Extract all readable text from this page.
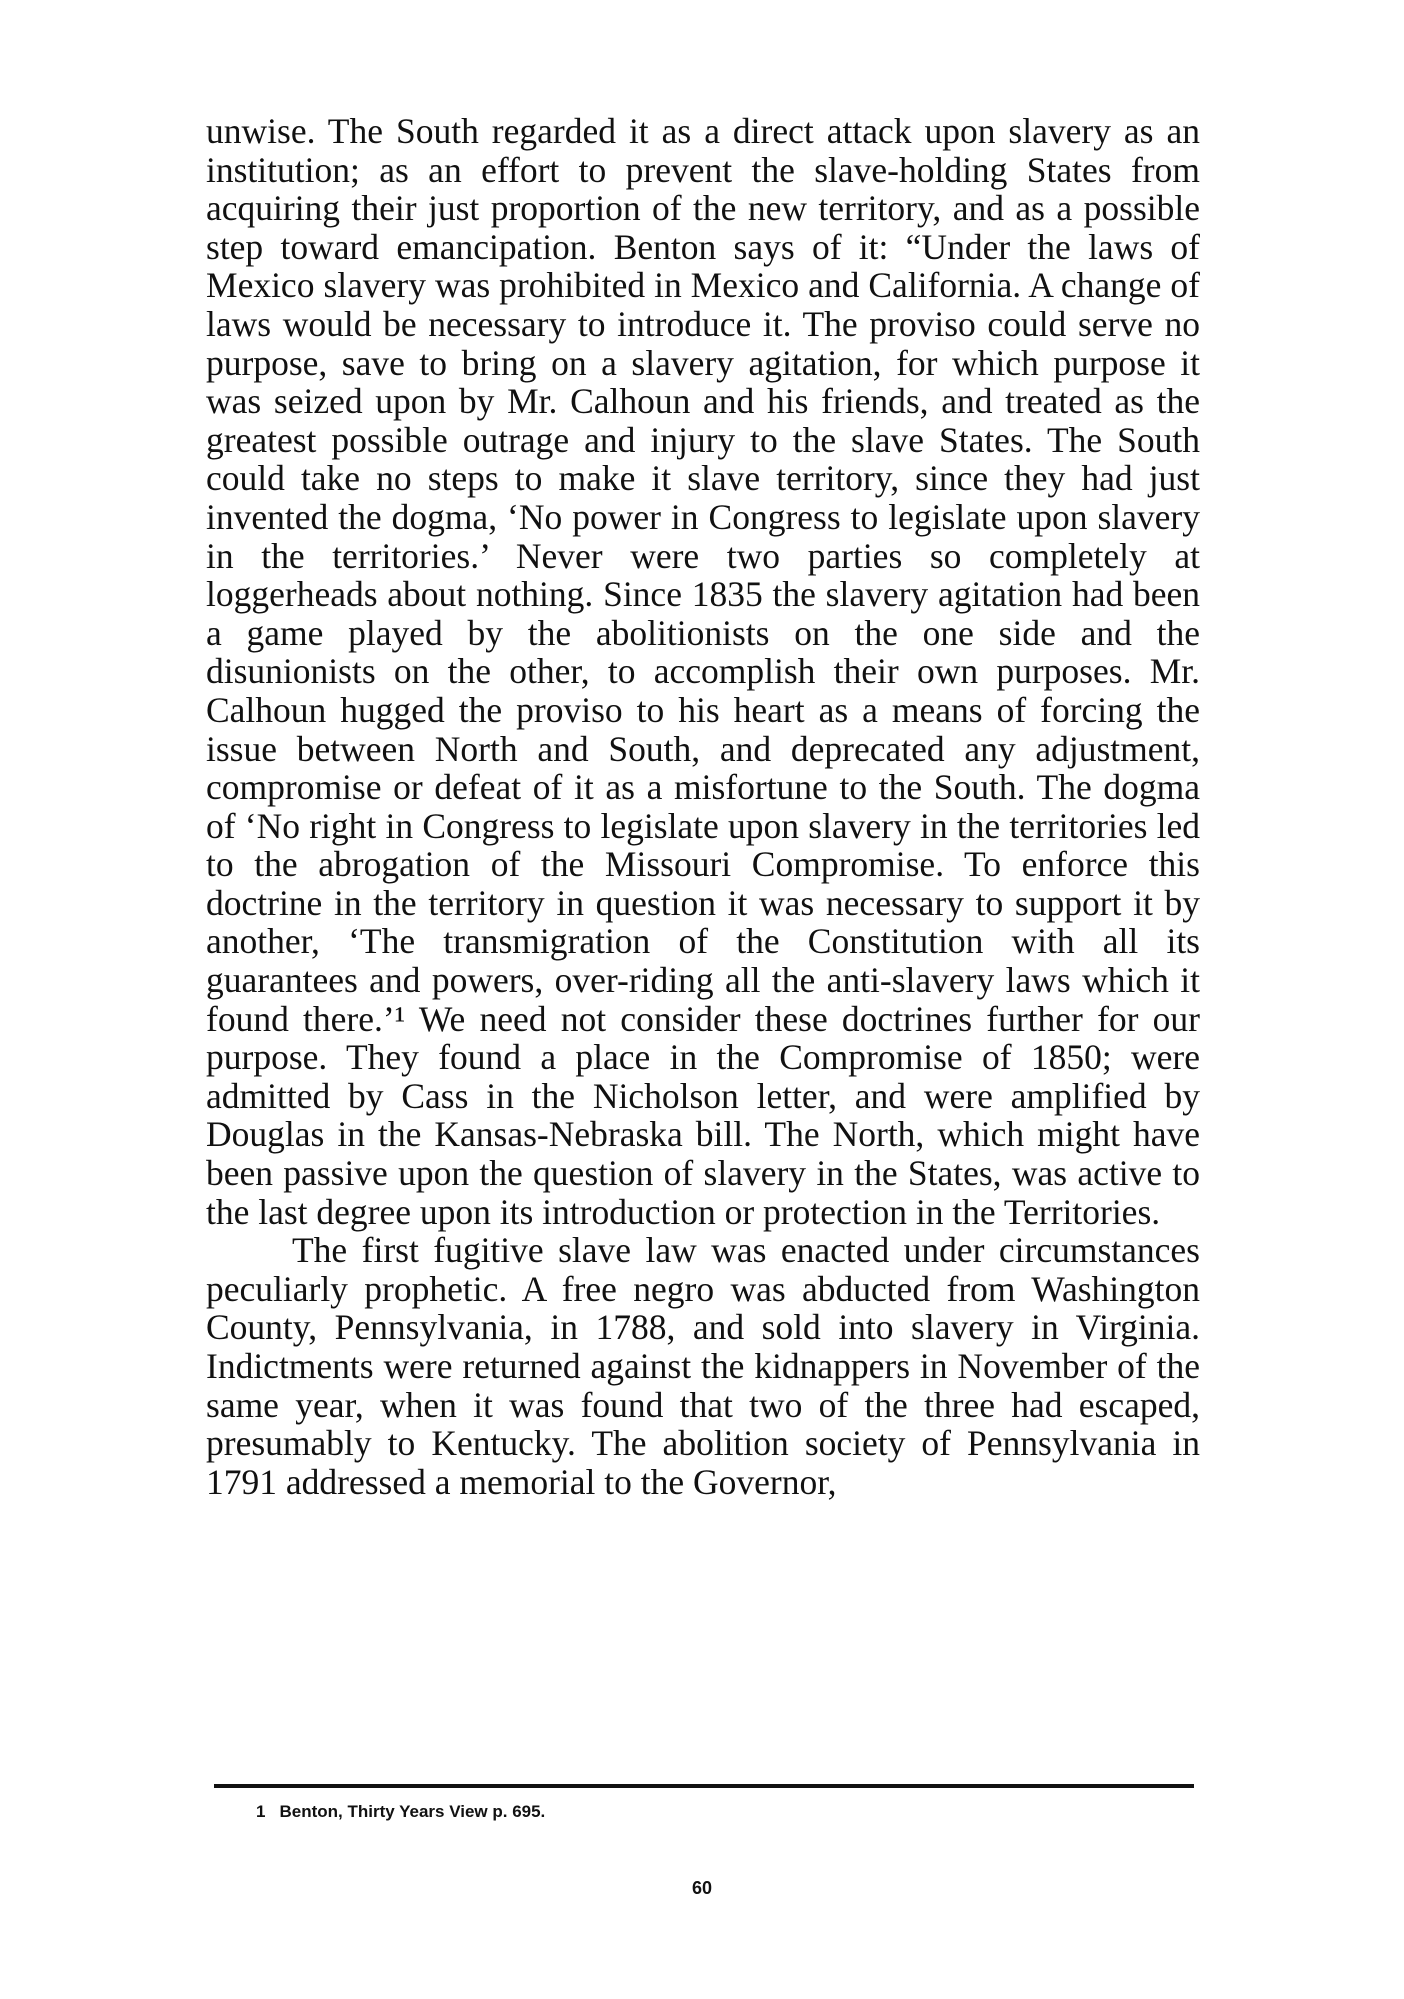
unwise. The South regarded it as a direct attack upon slavery as an institution; as an effort to prevent the slave-holding States from acquiring their just proportion of the new territory, and as a possible step toward emancipation. Benton says of it: “Under the laws of Mexico slavery was prohibited in Mexico and California. A change of laws would be necessary to introduce it. The proviso could serve no purpose, save to bring on a slavery agitation, for which purpose it was seized upon by Mr. Calhoun and his friends, and treated as the greatest possible outrage and injury to the slave States. The South could take no steps to make it slave territory, since they had just invented the dogma, ‘No power in Congress to legislate upon slavery in the territories.’ Never were two parties so completely at loggerheads about nothing. Since 1835 the slavery agitation had been a game played by the abolitionists on the one side and the disunionists on the other, to accomplish their own purposes. Mr. Calhoun hugged the proviso to his heart as a means of forcing the issue between North and South, and deprecated any adjustment, compromise or defeat of it as a misfortune to the South. The dogma of ‘No right in Congress to legislate upon slavery in the territories led to the abrogation of the Missouri Compromise. To enforce this doctrine in the territory in question it was necessary to support it by another, ‘The transmigration of the Constitution with all its guarantees and powers, over-riding all the anti-slavery laws which it found there.’¹ We need not consider these doctrines further for our purpose. They found a place in the Compromise of 1850; were admitted by Cass in the Nicholson letter, and were amplified by Douglas in the Kansas-Nebraska bill. The North, which might have been passive upon the question of slavery in the States, was active to the last degree upon its introduction or protection in the Territories.

The first fugitive slave law was enacted under circumstances peculiarly prophetic. A free negro was abducted from Washington County, Pennsylvania, in 1788, and sold into slavery in Virginia. Indictments were returned against the kidnappers in November of the same year, when it was found that two of the three had escaped, presumably to Kentucky. The abolition society of Pennsylvania in 1791 addressed a memorial to the Governor,

1 Benton, Thirty Years View p. 695.
60
